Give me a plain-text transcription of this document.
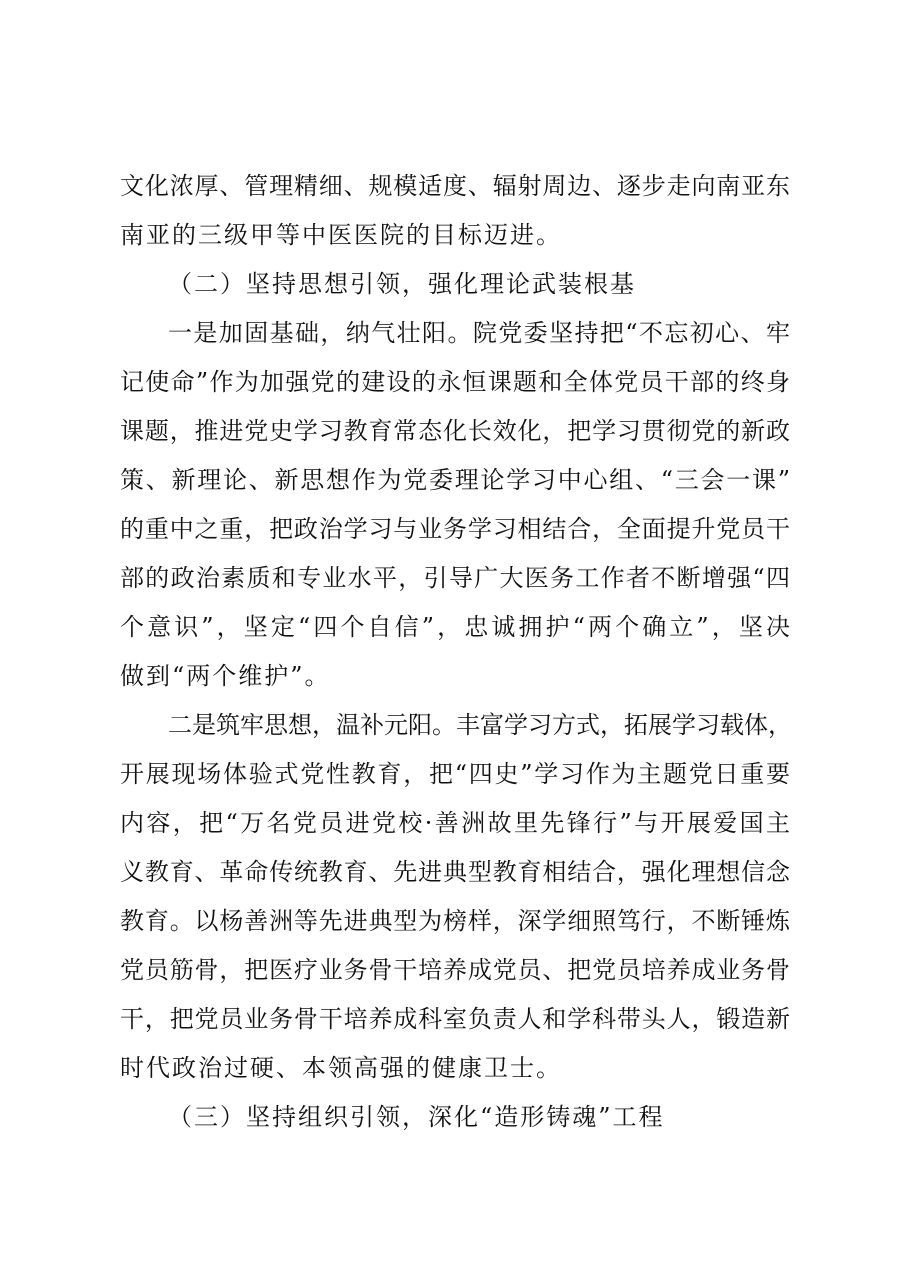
文化浓厚、管理精细、规模适度、辐射周边、逐步走向南亚东
南亚的三级甲等中医医院的目标迈进。
（二）坚持思想引领，强化理论武装根基
一是加固基础，纳气壮阳。院党委坚持把“不忘初心、牢
记使命”作为加强党的建设的永恒课题和全体党员干部的终身
课题，推进党史学习教育常态化长效化，把学习贯彻党的新政
策、新理论、新思想作为党委理论学习中心组、“三会一课”
的重中之重，把政治学习与业务学习相结合，全面提升党员干
部的政治素质和专业水平，引导广大医务工作者不断增强“四
个意识”，坚定“四个自信”，忠诚拥护“两个确立”，坚决
做到“两个维护”。
二是筑牢思想，温补元阳。丰富学习方式，拓展学习载体，
开展现场体验式党性教育，把“四史”学习作为主题党日重要
内容，把“万名党员进党校·善洲故里先锋行”与开展爱国主
义教育、革命传统教育、先进典型教育相结合，强化理想信念
教育。以杨善洲等先进典型为榜样，深学细照笃行，不断锤炼
党员筋骨，把医疗业务骨干培养成党员、把党员培养成业务骨
干，把党员业务骨干培养成科室负责人和学科带头人，锻造新
时代政治过硬、本领高强的健康卫士。
（三）坚持组织引领，深化“造形铸魂”工程
